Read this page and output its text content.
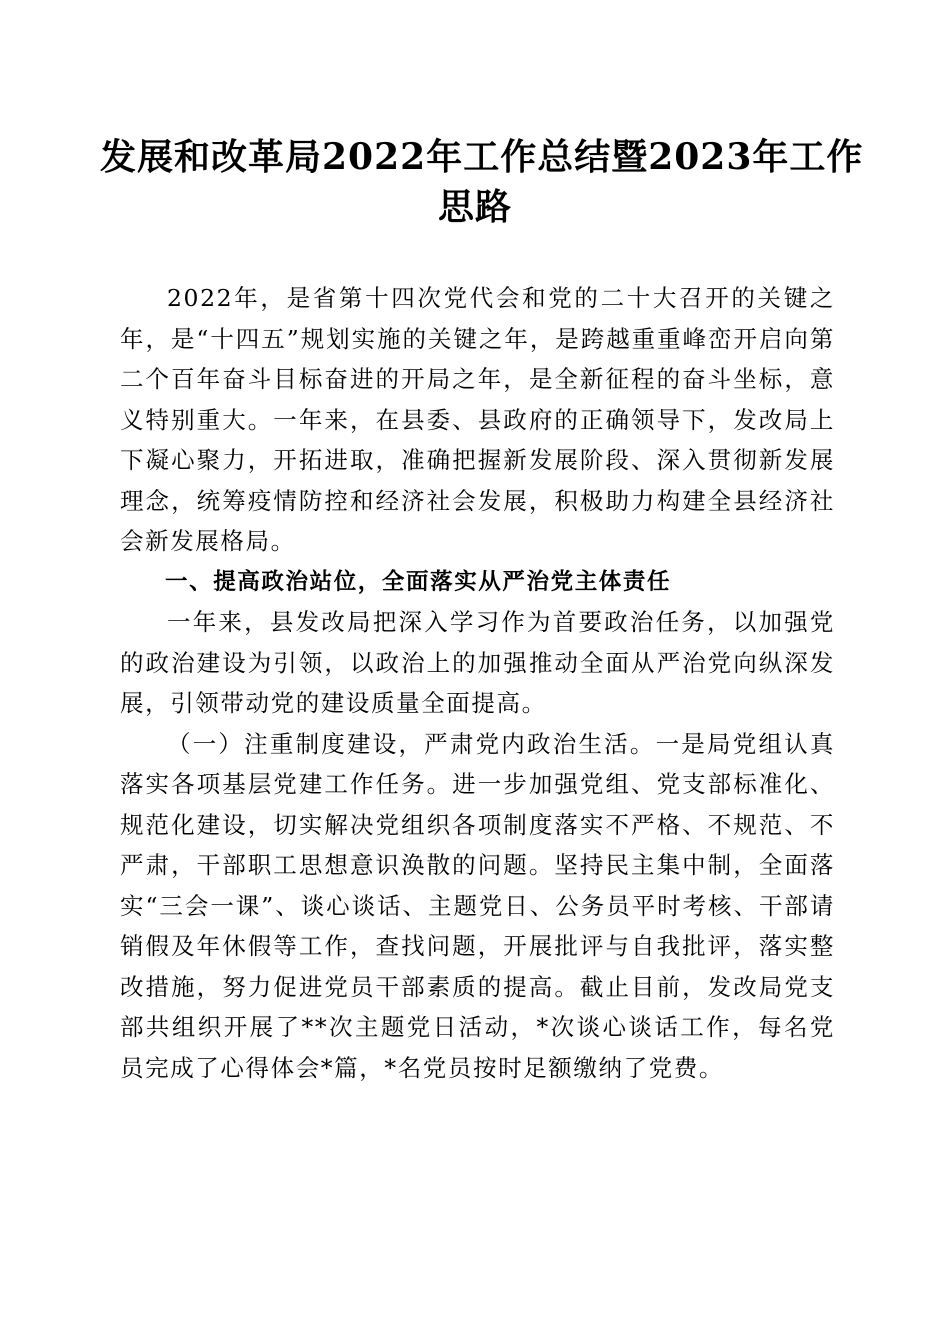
发展和改革局2022年工作总结暨2023年工作
思路

2022年，是省第十四次党代会和党的二十大召开的关键之年，是“十四五”规划实施的关键之年，是跨越重重峰峦开启向第二个百年奋斗目标奋进的开局之年，是全新征程的奋斗坐标，意义特别重大。一年来，在县委、县政府的正确领导下，发改局上下凝心聚力，开拓进取，准确把握新发展阶段、深入贯彻新发展理念，统筹疫情防控和经济社会发展，积极助力构建全县经济社会新发展格局。

一、提高政治站位，全面落实从严治党主体责任

一年来，县发改局把深入学习作为首要政治任务，以加强党的政治建设为引领，以政治上的加强推动全面从严治党向纵深发展，引领带动党的建设质量全面提高。

（一）注重制度建设，严肃党内政治生活。一是局党组认真落实各项基层党建工作任务。进一步加强党组、党支部标准化、规范化建设，切实解决党组织各项制度落实不严格、不规范、不严肃，干部职工思想意识涣散的问题。坚持民主集中制，全面落实“三会一课”、谈心谈话、主题党日、公务员平时考核、干部请销假及年休假等工作，查找问题，开展批评与自我批评，落实整改措施，努力促进党员干部素质的提高。截止目前，发改局党支部共组织开展了**次主题党日活动，*次谈心谈话工作，每名党员完成了心得体会*篇，*名党员按时足额缴纳了党费。
